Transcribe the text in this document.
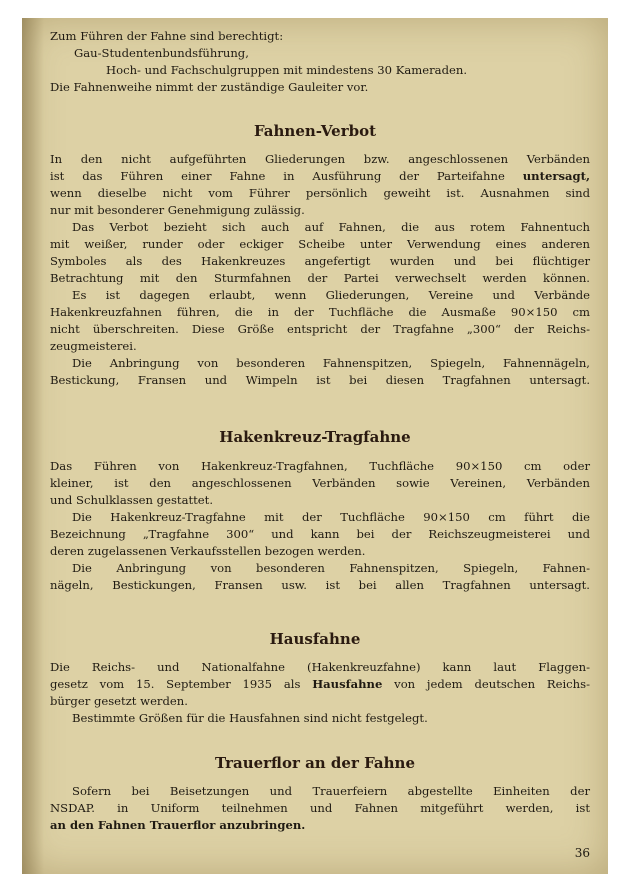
Zum Führen der Fahne sind berechtigt:
Gau-Studentenbundsführung,
Hoch- und Fachschulgruppen mit mindestens 30 Kameraden.
Die Fahnenweihe nimmt der zuständige Gauleiter vor.
Fahnen-Verbot
In den nicht aufgeführten Gliederungen bzw. angeschlossenen Verbänden
ist das Führen einer Fahne in Ausführung der Parteifahne untersagt,
wenn dieselbe nicht vom Führer persönlich geweiht ist. Ausnahmen sind
nur mit besonderer Genehmigung zulässig.
Das Verbot bezieht sich auch auf Fahnen, die aus rotem Fahnentuch
mit weißer, runder oder eckiger Scheibe unter Verwendung eines anderen
Symboles als des Hakenkreuzes angefertigt wurden und bei flüchtiger
Betrachtung mit den Sturmfahnen der Partei verwechselt werden können.
Es ist dagegen erlaubt, wenn Gliederungen, Vereine und Verbände
Hakenkreuzfahnen führen, die in der Tuchfläche die Ausmaße 90×150 cm
nicht überschreiten. Diese Größe entspricht der Tragfahne „300“ der Reichs-
zeugmeisterei.
Die Anbringung von besonderen Fahnenspitzen, Spiegeln, Fahnennägeln,
Bestickung, Fransen und Wimpeln ist bei diesen Tragfahnen untersagt.
Hakenkreuz-Tragfahne
Das Führen von Hakenkreuz-Tragfahnen, Tuchfläche 90×150 cm oder
kleiner, ist den angeschlossenen Verbänden sowie Vereinen, Verbänden
und Schulklassen gestattet.
Die Hakenkreuz-Tragfahne mit der Tuchfläche 90×150 cm führt die
Bezeichnung „Tragfahne 300“ und kann bei der Reichszeugmeisterei und
deren zugelassenen Verkaufsstellen bezogen werden.
Die Anbringung von besonderen Fahnenspitzen, Spiegeln, Fahnen-
nägeln, Bestickungen, Fransen usw. ist bei allen Tragfahnen untersagt.
Hausfahne
Die Reichs- und Nationalfahne (Hakenkreuzfahne) kann laut Flaggen-
gesetz vom 15. September 1935 als Hausfahne von jedem deutschen Reichs-
bürger gesetzt werden.
Bestimmte Größen für die Hausfahnen sind nicht festgelegt.
Trauerflor an der Fahne
Sofern bei Beisetzungen und Trauerfeiern abgestellte Einheiten der
NSDAP. in Uniform teilnehmen und Fahnen mitgeführt werden, ist
an den Fahnen Trauerflor anzubringen.
36
